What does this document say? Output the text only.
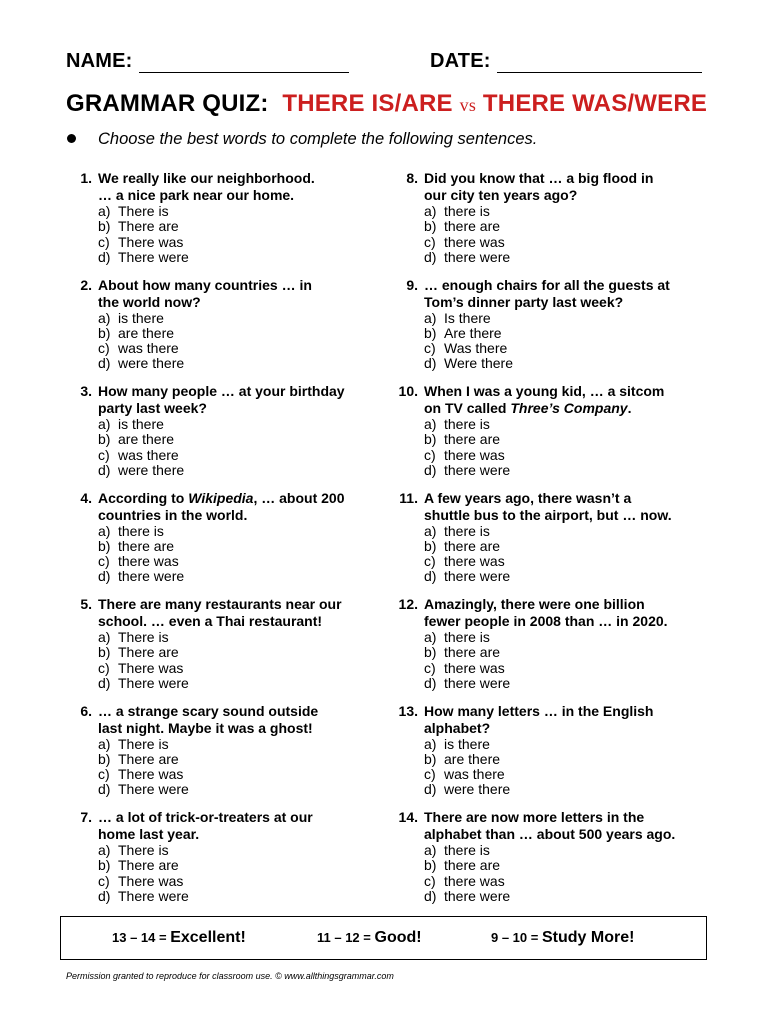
NAME:	DATE:
GRAMMAR QUIZ: THERE IS/ARE vs THERE WAS/WERE
Choose the best words to complete the following sentences.
1. We really like our neighborhood.
… a nice park near our home.
a) There is
b) There are
c) There was
d) There were
2. About how many countries … in
the world now?
a) is there
b) are there
c) was there
d) were there
3. How many people … at your birthday
party last week?
a) is there
b) are there
c) was there
d) were there
4. According to Wikipedia, … about 200
countries in the world.
a) there is
b) there are
c) there was
d) there were
5. There are many restaurants near our
school. … even a Thai restaurant!
a) There is
b) There are
c) There was
d) There were
6. … a strange scary sound outside
last night. Maybe it was a ghost!
a) There is
b) There are
c) There was
d) There were
7. … a lot of trick-or-treaters at our
home last year.
a) There is
b) There are
c) There was
d) There were
8. Did you know that … a big flood in
our city ten years ago?
a) there is
b) there are
c) there was
d) there were
9. … enough chairs for all the guests at
Tom’s dinner party last week?
a) Is there
b) Are there
c) Was there
d) Were there
10. When I was a young kid, … a sitcom
on TV called Three’s Company.
a) there is
b) there are
c) there was
d) there were
11. A few years ago, there wasn’t a
shuttle bus to the airport, but … now.
a) there is
b) there are
c) there was
d) there were
12. Amazingly, there were one billion
fewer people in 2008 than … in 2020.
a) there is
b) there are
c) there was
d) there were
13. How many letters … in the English
alphabet?
a) is there
b) are there
c) was there
d) were there
14. There are now more letters in the
alphabet than … about 500 years ago.
a) there is
b) there are
c) there was
d) there were
13 – 14 = Excellent!	11 – 12 = Good!	9 – 10 = Study More!
Permission granted to reproduce for classroom use. © www.allthingsgrammar.com
